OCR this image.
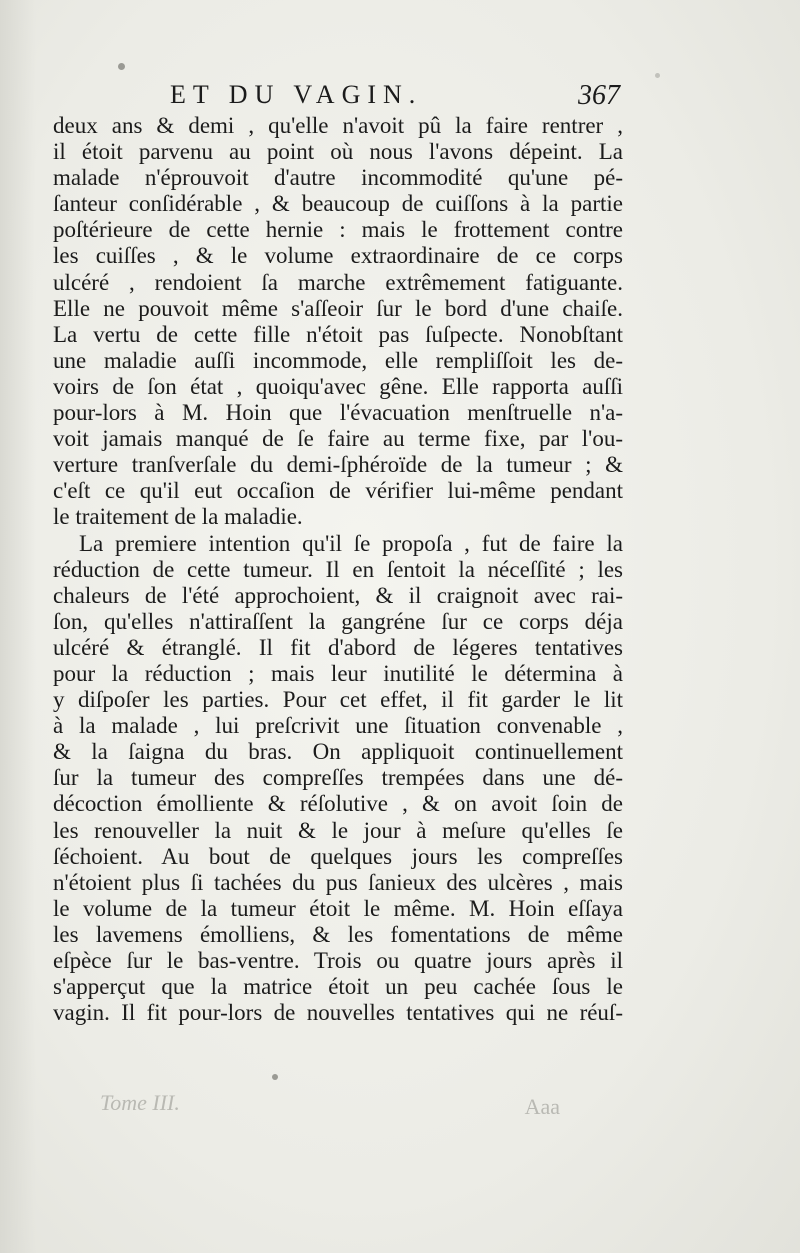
ET DU VAGIN.	367
deux ans & demi , qu'elle n'avoit pû la faire rentrer ,
il étoit parvenu au point où nous l'avons dépeint. La
malade n'éprouvoit d'autre incommodité qu'une pé-
ſanteur conſidérable , & beaucoup de cuiſſons à la partie
poſtérieure de cette hernie : mais le frottement contre
les cuiſſes , & le volume extraordinaire de ce corps
ulcéré , rendoient ſa marche extrêmement fatiguante.
Elle ne pouvoit même s'aſſeoir ſur le bord d'une chaiſe.
La vertu de cette fille n'étoit pas ſuſpecte. Nonobſtant
une maladie auſſi incommode, elle rempliſſoit les de-
voirs de ſon état , quoiqu'avec gêne. Elle rapporta auſſi
pour-lors à M. Hoin que l'évacuation menſtruelle n'a-
voit jamais manqué de ſe faire au terme fixe, par l'ou-
verture tranſverſale du demi-ſphéroïde de la tumeur ; &
c'eſt ce qu'il eut occaſion de vérifier lui-même pendant
le traitement de la maladie.
La premiere intention qu'il ſe propoſa , fut de faire la
réduction de cette tumeur. Il en ſentoit la néceſſité ; les
chaleurs de l'été approchoient, & il craignoit avec rai-
ſon, qu'elles n'attiraſſent la gangréne ſur ce corps déja
ulcéré & étranglé. Il fit d'abord de légeres tentatives
pour la réduction ; mais leur inutilité le détermina à
y diſpoſer les parties. Pour cet effet, il fit garder le lit
à la malade , lui preſcrivit une ſituation convenable ,
& la ſaigna du bras. On appliquoit continuellement
ſur la tumeur des compreſſes trempées dans une dé-
décoction émolliente & réſolutive , & on avoit ſoin de
les renouveller la nuit & le jour à meſure qu'elles ſe
ſéchoient. Au bout de quelques jours les compreſſes
n'étoient plus ſi tachées du pus ſanieux des ulcères , mais
le volume de la tumeur étoit le même. M. Hoin eſſaya
les lavemens émolliens, & les fomentations de même
eſpèce ſur le bas-ventre. Trois ou quatre jours après il
s'apperçut que la matrice étoit un peu cachée ſous le
vagin. Il fit pour-lors de nouvelles tentatives qui ne réuſ-
Tome III.	Aaa
